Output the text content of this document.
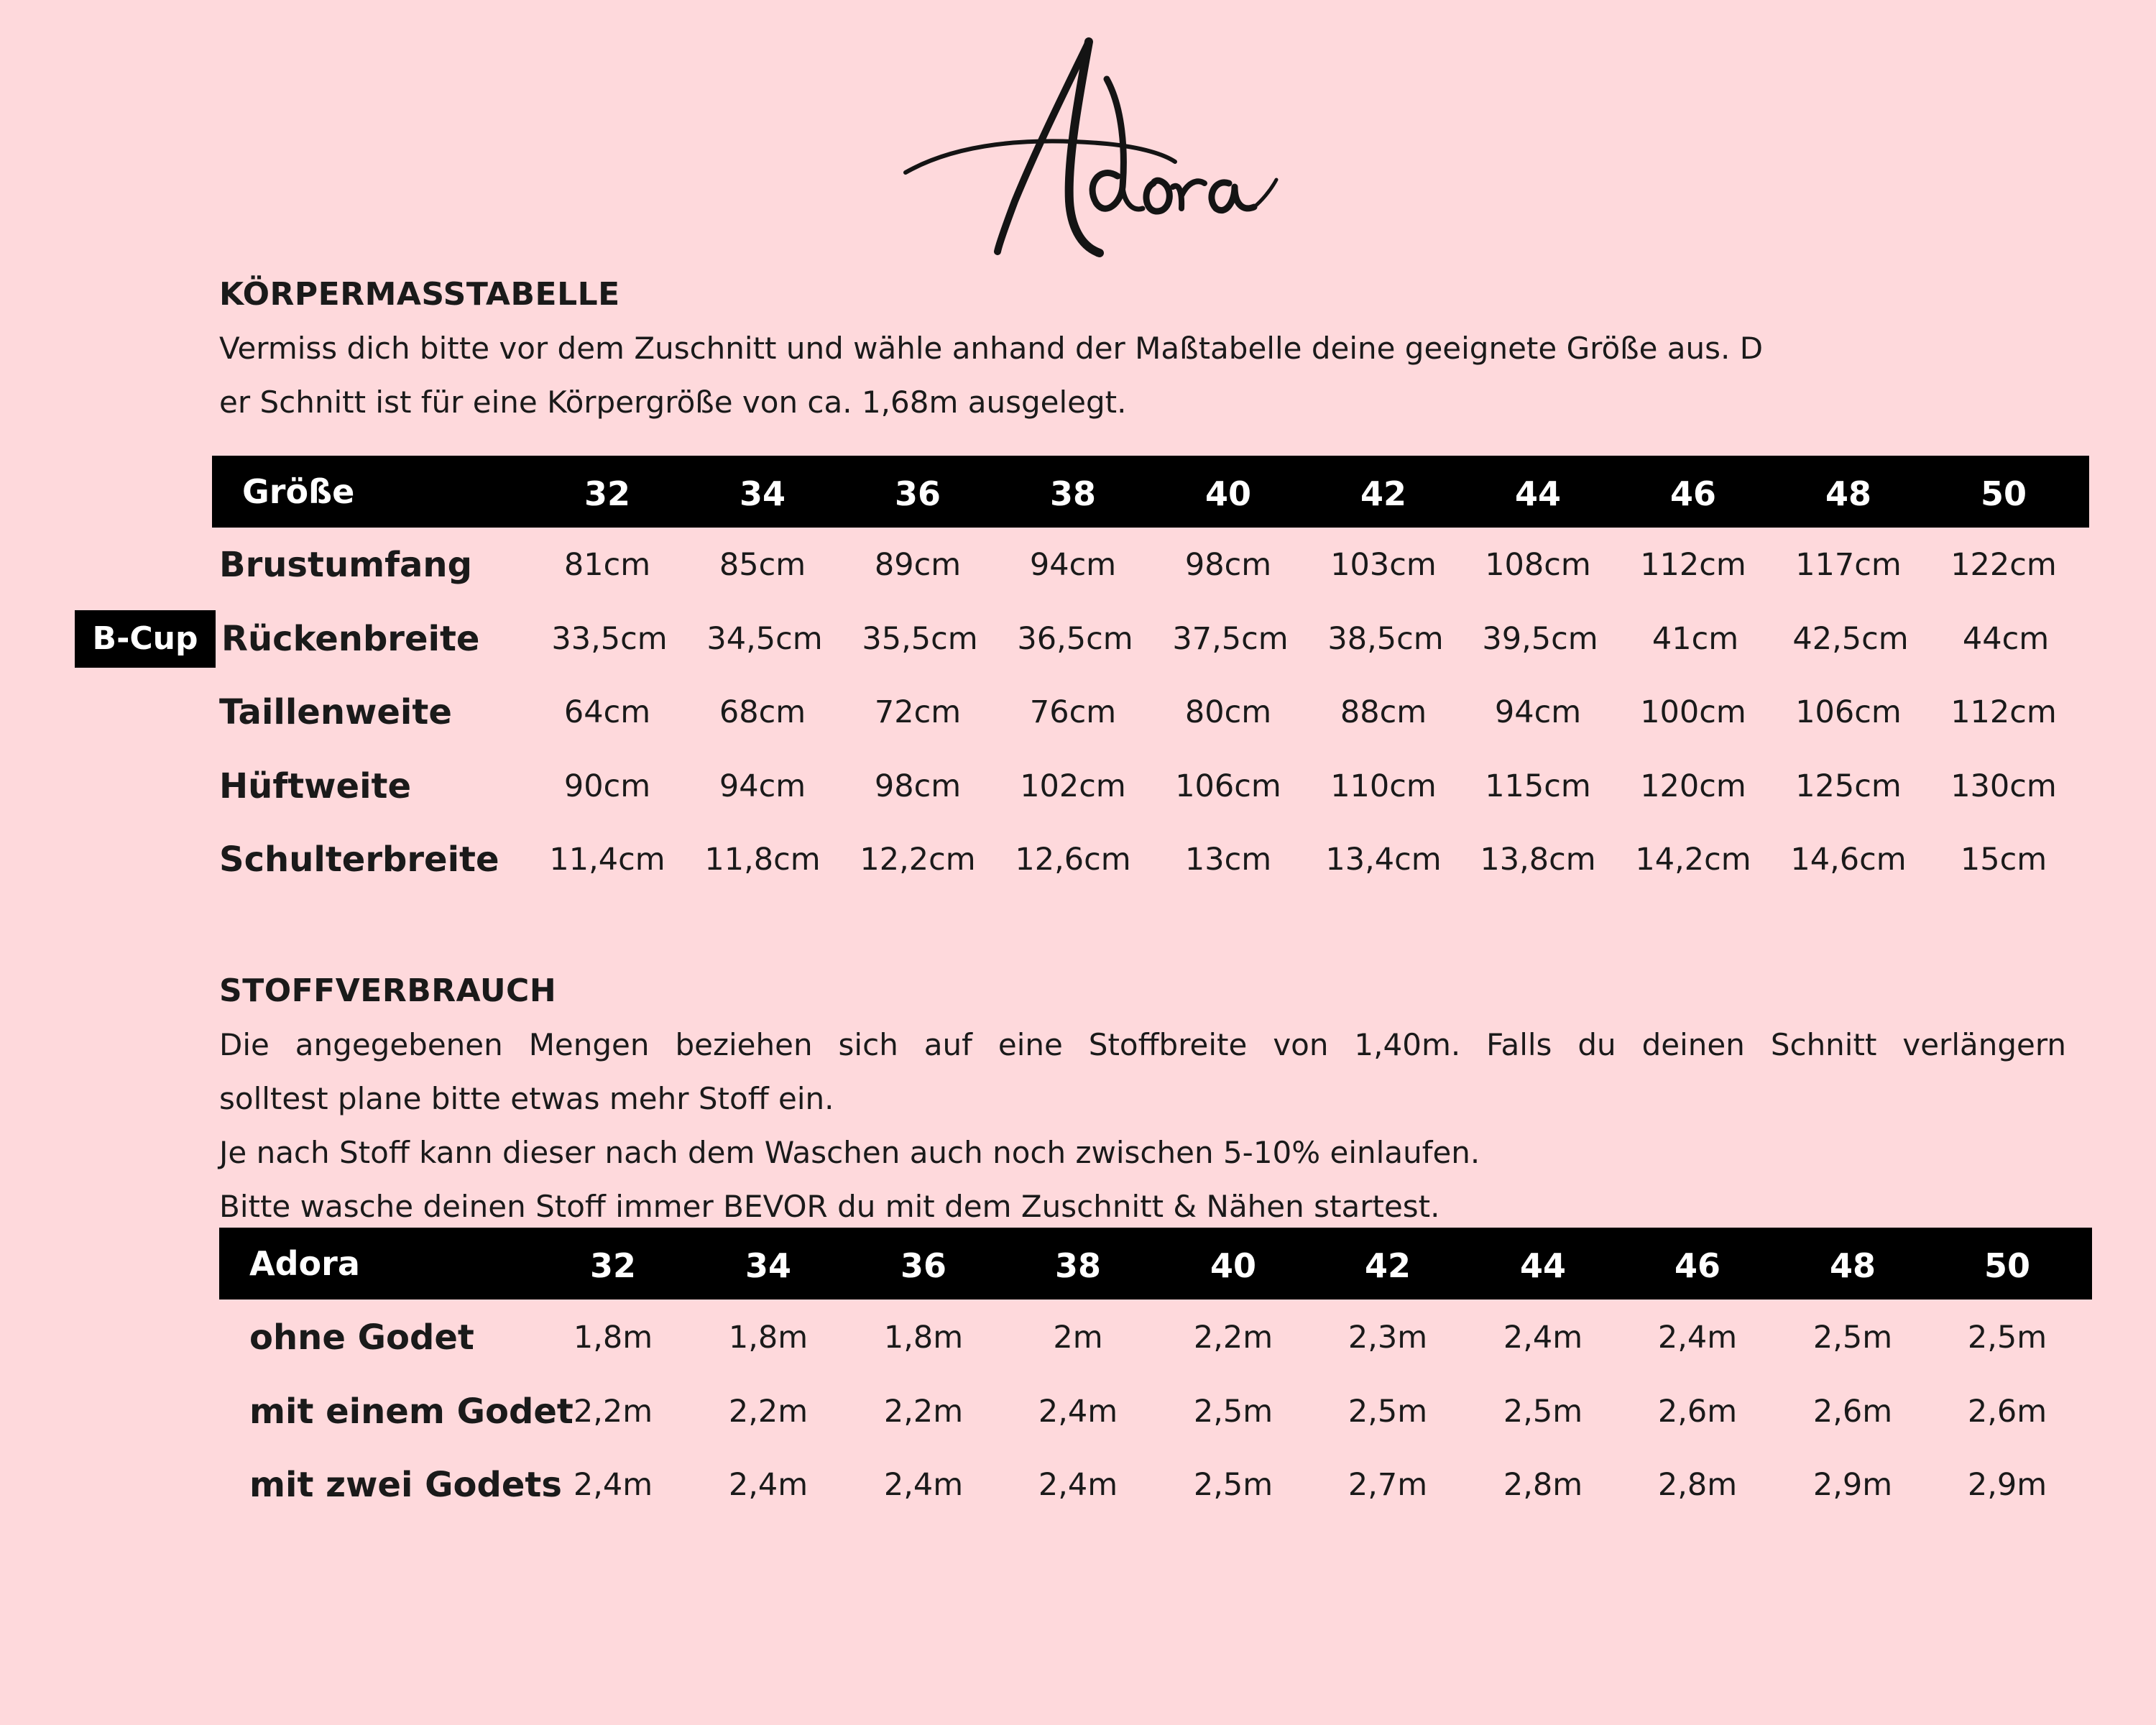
KÖRPERMASSTABELLE

Vermiss dich bitte vor dem Zuschnitt und wähle anhand der Maßtabelle deine geeignete Größe aus. D
er Schnitt ist für eine Körpergröße von ca. 1,68m ausgelegt.

Größe	32	34	36	38	40	42	44	46	48	50
B-Cup
Brustumfang	81cm	85cm	89cm	94cm	98cm	103cm	108cm	112cm	117cm	122cm
Rückenbreite	33,5cm	34,5cm	35,5cm	36,5cm	37,5cm	38,5cm	39,5cm	41cm	42,5cm	44cm
Taillenweite	64cm	68cm	72cm	76cm	80cm	88cm	94cm	100cm	106cm	112cm
Hüftweite	90cm	94cm	98cm	102cm	106cm	110cm	115cm	120cm	125cm	130cm
Schulterbreite	11,4cm	11,8cm	12,2cm	12,6cm	13cm	13,4cm	13,8cm	14,2cm	14,6cm	15cm
STOFFVERBRAUCH

Die angegebenen Mengen beziehen sich auf eine Stoffbreite von 1,40m. Falls du deinen Schnitt verlängern
solltest plane bitte etwas mehr Stoff ein.
Je nach Stoff kann dieser nach dem Waschen auch noch zwischen 5-10% einlaufen.
Bitte wasche deinen Stoff immer BEVOR du mit dem Zuschnitt & Nähen startest.

Adora	32	34	36	38	40	42	44	46	48	50
ohne Godet	1,8m	1,8m	1,8m	2m	2,2m	2,3m	2,4m	2,4m	2,5m	2,5m
mit einem Godet 2,2m	2,2m	2,2m	2,4m	2,5m	2,5m	2,5m	2,6m	2,6m	2,6m
mit zwei Godets 2,4m	2,4m	2,4m	2,4m	2,5m	2,7m	2,8m	2,8m	2,9m	2,9m
